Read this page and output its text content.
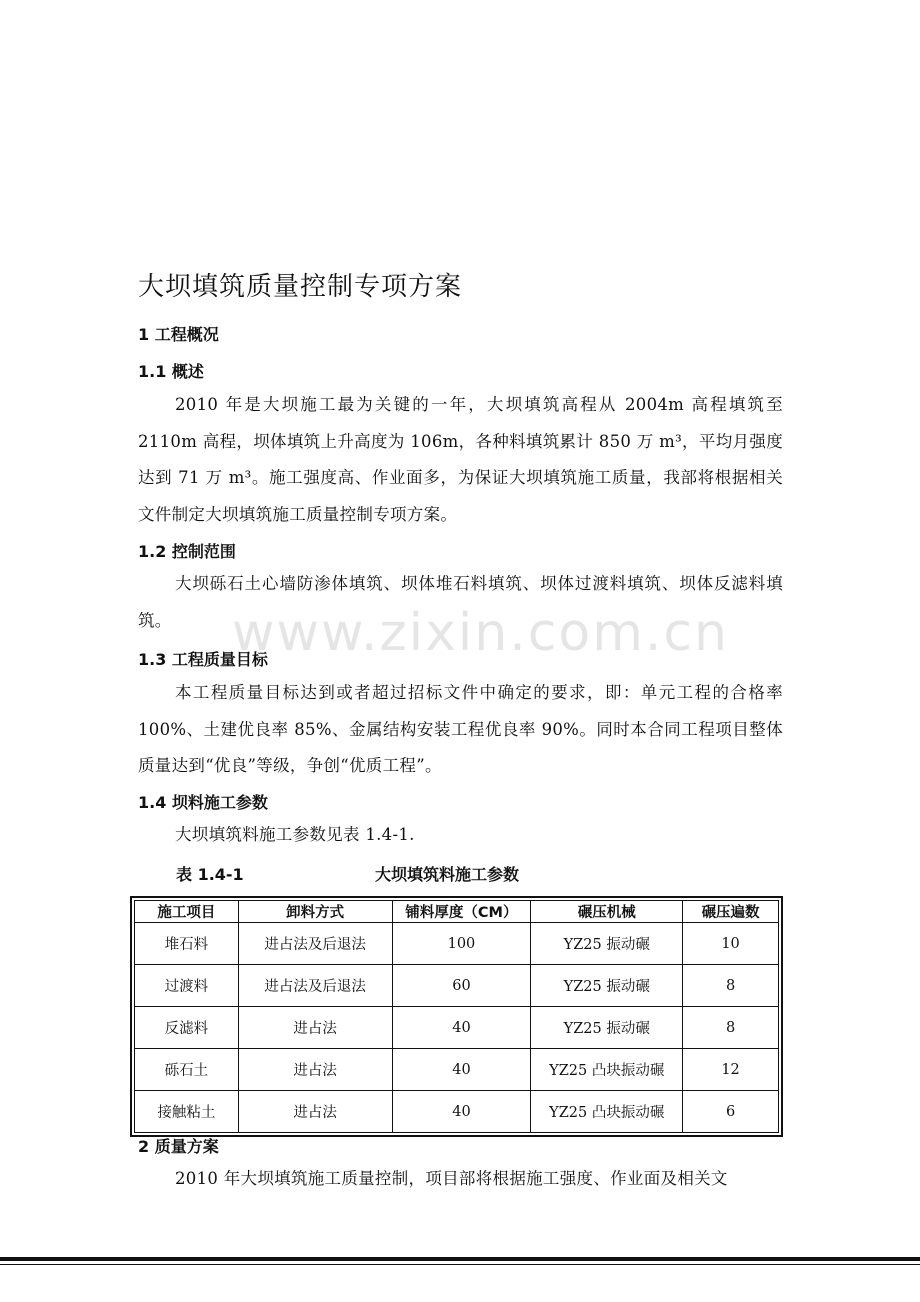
大坝填筑质量控制专项方案
1 工程概况
1.1 概述
2010 年是大坝施工最为关键的一年，大坝填筑高程从 2004m 高程填筑至 2110m 高程，坝体填筑上升高度为 106m，各种料填筑累计 850 万 m³，平均月强度达到 71 万 m³。施工强度高、作业面多，为保证大坝填筑施工质量，我部将根据相关文件制定大坝填筑施工质量控制专项方案。
1.2 控制范围
大坝砾石土心墙防渗体填筑、坝体堆石料填筑、坝体过渡料填筑、坝体反滤料填筑。	www.zixin.com.cn
1.3 工程质量目标
本工程质量目标达到或者超过招标文件中确定的要求，即：单元工程的合格率 100%、土建优良率 85%、金属结构安装工程优良率 90%。同时本合同工程项目整体质量达到“优良”等级，争创“优质工程”。
1.4 坝料施工参数
大坝填筑料施工参数见表 1.4-1.
表 1.4-1	大坝填筑料施工参数
施工项目	卸料方式	铺料厚度（CM）	碾压机械	碾压遍数
堆石料	进占法及后退法	100	YZ25 振动碾	10
过渡料	进占法及后退法	60	YZ25 振动碾	8
反滤料	进占法	40	YZ25 振动碾	8
砾石土	进占法	40	YZ25 凸块振动碾	12
接触粘土	进占法	40	YZ25 凸块振动碾	6
2 质量方案
2010 年大坝填筑施工质量控制，项目部将根据施工强度、作业面及相关文
